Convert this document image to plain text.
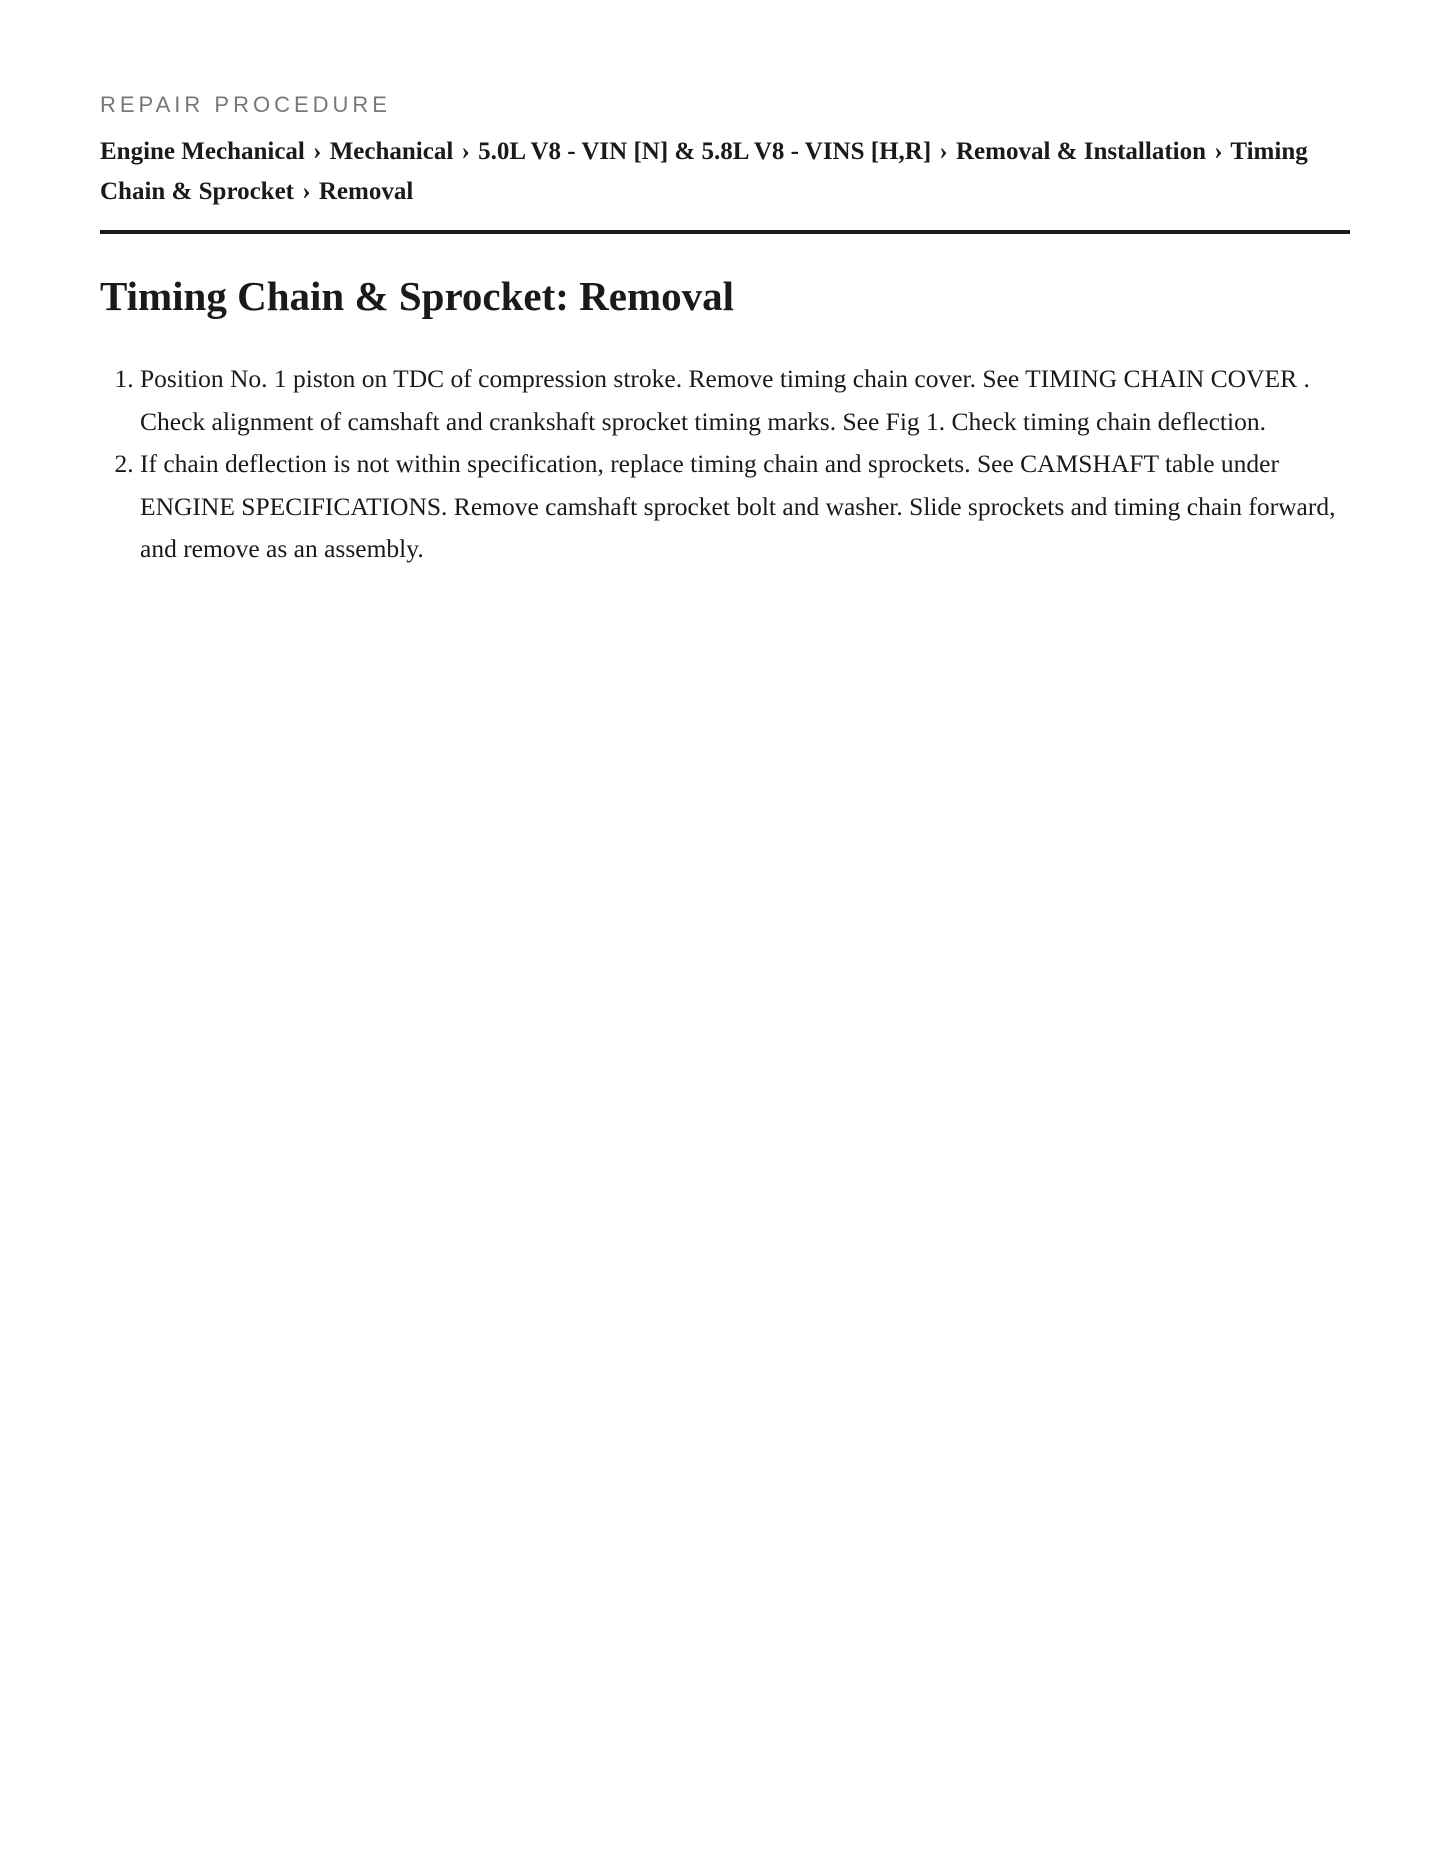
REPAIR PROCEDURE
Engine Mechanical › Mechanical › 5.0L V8 - VIN [N] & 5.8L V8 - VINS [H,R] › Removal & Installation › Timing Chain & Sprocket › Removal
Timing Chain & Sprocket: Removal
1. Position No. 1 piston on TDC of compression stroke. Remove timing chain cover. See TIMING CHAIN COVER . Check alignment of camshaft and crankshaft sprocket timing marks. See Fig 1. Check timing chain deflection.
2. If chain deflection is not within specification, replace timing chain and sprockets. See CAMSHAFT table under ENGINE SPECIFICATIONS. Remove camshaft sprocket bolt and washer. Slide sprockets and timing chain forward, and remove as an assembly.
